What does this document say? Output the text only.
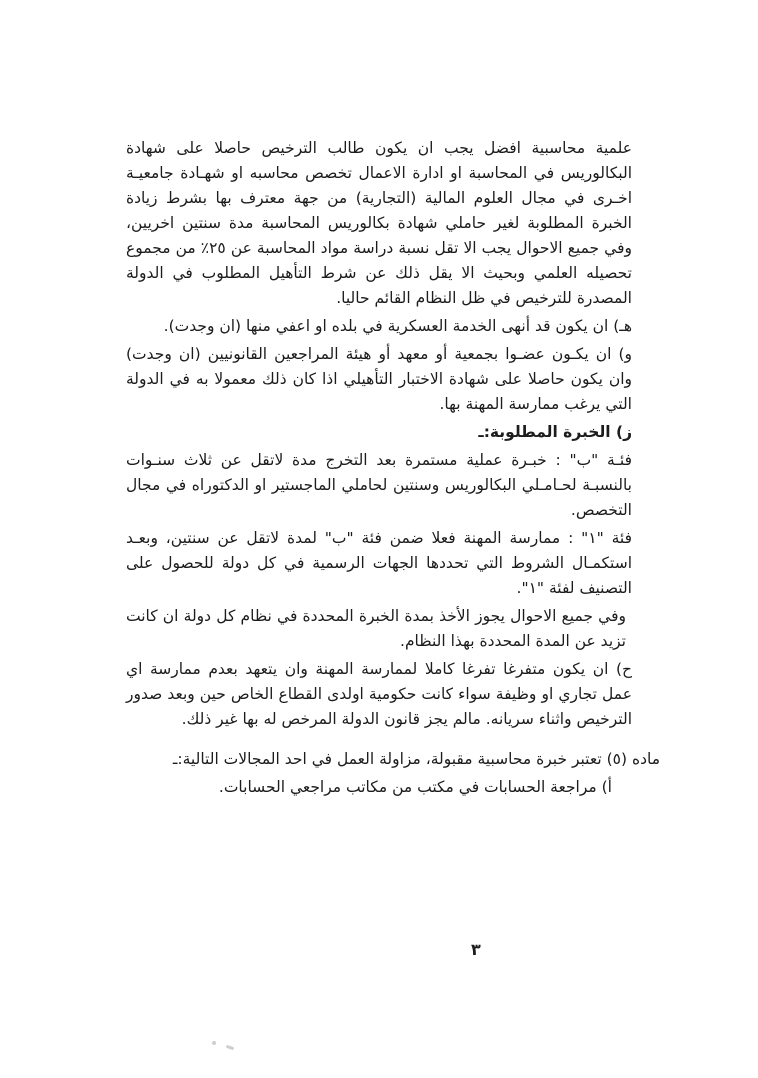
علمية محاسبية افضل يجب ان يكون طالب الترخيص حاصلا على شهادة البكالوريس في المحاسبة او ادارة الاعمال تخصص محاسبه او شهـادة جامعيـة اخـرى في مجال العلوم المالية (التجارية) من جهة معترف بها بشرط زيادة الخبرة المطلوبة لغير حاملي شهادة بكالوريس المحاسبة مدة سنتين اخريين، وفي جميع الاحوال يجب الا تقل نسبة دراسة مواد المحاسبة عن ٢٥٪ من مجموع تحصيله العلمي وبحيث الا يقل ذلك عن شرط التأهيل المطلوب في الدولة المصدرة للترخيص في ظل النظام القائم حاليا.

هـ) ان يكون قد أنهى الخدمة العسكرية في بلده او اعفي منها (ان وجدت).

و) ان يكـون عضـوا بجمعية أو معهد أو هيئة المراجعين القانونيين (ان وجدت) وان يكون حاصلا على شهادة الاختبار التأهيلي اذا كان ذلك معمولا به في الدولة التي يرغب ممارسة المهنة بها.

ز) الخبرة المطلوبة:ـ

فئـة "ب" : خبـرة عملية مستمرة بعد التخرج مدة لاتقل عن ثلاث سنـوات بالنسبـة لحـامـلي البكالوريس وسنتين لحاملي الماجستير او الدكتوراه في مجال التخصص.

فئة "١" : ممارسة المهنة فعلا ضمن فئة "ب" لمدة لاتقل عن سنتين، وبعـد استكمـال الشروط التي تحددها الجهات الرسمية في كل دولة للحصول على التصنيف لفئة "١".

وفي جميع الاحوال يجوز الأخذ بمدة الخبرة المحددة في نظام كل دولة ان كانت تزيد عن المدة المحددة بهذا النظام.

ح) ان يكون متفرغا تفرغا كاملا لممارسة المهنة وان يتعهد بعدم ممارسة اي عمل تجاري او وظيفة سواء كانت حكومية اولدى القطاع الخاص حين وبعد صدور الترخيص واثناء سريانه. مالم يجز قانون الدولة المرخص له بها غير ذلك.

ماده (٥) تعتبر خبرة محاسبية مقبولة، مزاولة العمل في احد المجالات التالية:ـ

أ) مراجعة الحسابات في مكتب من مكاتب مراجعي الحسابات.

٣
